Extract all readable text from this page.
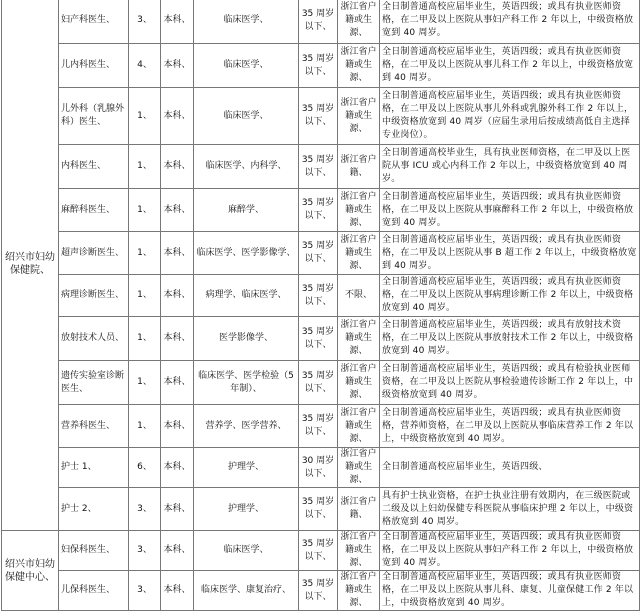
绍兴市妇幼保健院、	妇产科医生、	3、	本科、	临床医学、	35 周岁以下、	浙江省户籍或生源、	全日制普通高校应届毕业生，英语四级；或具有执业医师资格，在二甲及以上医院从事妇产科工作 2 年以上，中级资格放宽到 40 周岁。
	儿内科医生、	4、	本科、	临床医学、	35 周岁以下、	浙江省户籍或生源、	全日制普通高校应届毕业生，英语四级；或具有执业医师资格，在二甲及以上医院从事儿科工作 2 年以上，中级资格放宽到 40 周岁。
	儿外科（乳腺外科）医生、	1、	本科、	临床医学、	35 周岁以下、	浙江省户籍或生源、	全日制普通高校应届毕业生，英语四级；或具有执业医师资格，在二甲及以上医院从事儿外科或乳腺外科工作 2 年以上，中级资格放宽到 40 周岁（应届生录用后按成绩高低自主选择专业岗位）。
	内科医生、	1、	本科、	临床医学、内科学、	35 周岁以下、	浙江省户籍、	全日制普通高校毕业生，具有执业医师资格，在二甲及以上医院从事 ICU 或心内科工作 2 年以上，中级资格放宽到 40 周岁。
	麻醉科医生、	1、	本科、	麻醉学、	35 周岁以下、	浙江省户籍或生源、	全日制普通高校应届毕业生，英语四级；或具有执业医师资格，在二甲及以上医院从事麻醉科工作 2 年以上，中级资格放宽到 40 周岁。
	超声诊断医生、	1、	本科、	临床医学、医学影像学、	35 周岁以下、	浙江省户籍或生源、	全日制普通高校应届毕业生，英语四级；或具有执业医师资格，在二甲及以上医院从事 B 超工作 2 年以上，中级资格放宽到 40 周岁。
	病理诊断医生、	1、	本科、	病理学、临床医学、	35 周岁以下、	不限、	全日制普通高校应届毕业生，英语四级；或具有执业医师资格，在二甲及以上医院从事病理诊断工作 2 年以上，中级资格放宽到 40 周岁。
	放射技术人员、	1、	本科、	医学影像学、	35 周岁以下、	浙江省户籍或生源、	全日制普通高校应届毕业生，英语四级；或具有放射技术资格，在二甲及以上医院从事放射技术工作 2 年以上，中级资格放宽到 40 周岁。
	遗传实验室诊断医生、	1、	本科、	临床医学、医学检验（5 年制）、	35 周岁以下、	浙江省户籍或生源、	全日制普通高校应届毕业生，英语四级；或具有检验执业医师资格，在二甲及以上医院从事检验遗传诊断工作 2 年以上，中级资格放宽到 40 周岁。
	营养科医生、	1、	本科、	营养学、医学营养、	35 周岁以下、	浙江省户籍或生源、	全日制普通高校应届毕业生，英语四级；或具有执业医师资格，营养师资格，在二甲及以上医院从事临床营养工作 2 年以上，中级资格放宽到 40 周岁。
	护士 1、	6、	本科、	护理学、	30 周岁以下、	浙江省户籍或生源、	全日制普通高校应届毕业生，英语四级、
	护士 2、	3、	本科、	护理学、	35 周岁以下、	浙江省户籍、	具有护士执业资格，在护士执业注册有效期内，在三级医院或二级及以上妇幼保健专科医院从事临床护理 2 年以上，中级资格放宽到 40 周岁。
绍兴市妇幼保健中心、	妇保科医生、	3、	本科、	临床医学、	35 周岁以下、	浙江省户籍或生源、	全日制普通高校应届毕业生，英语四级；或具有执业医师资格，在二甲及以上医院从事妇产科工作 2 年以上，中级资格放宽到 40 周岁。
	儿保科医生、	3、	本科、	临床医学、康复治疗、	35 周岁以下、	浙江省户籍或生源、	全日制普通高校应届毕业生，英语四级；或具有执业医师资格，在二甲及以上医院从事儿科、康复、儿童保健工作 2 年以上，中级资格放宽到 40 周岁。
